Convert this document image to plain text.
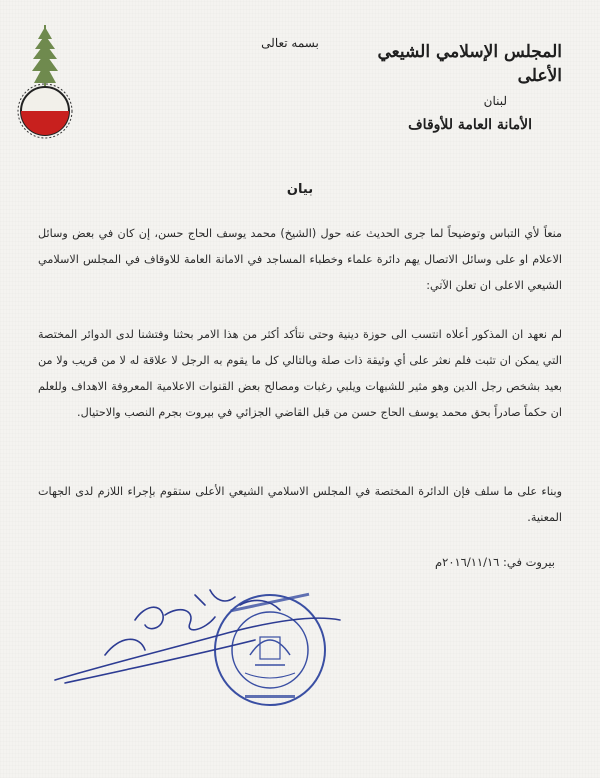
بسمه تعالى	المجلس الإسلامي الشيعي الأعلى
لبنان
الأمانة العامة للأوقاف
بيان
منعاً لأي التباس وتوضيحاً لما جرى الحديث عنه حول (الشيخ) محمد يوسف الحاج حسن، إن كان في بعض وسائل الاعلام او على وسائل الاتصال يهم دائرة علماء وخطباء المساجد في الامانة العامة للاوقاف في المجلس الاسلامي الشيعي الاعلى ان تعلن الآتي:
لم نعهد ان المذكور أعلاه انتسب الى حوزة دينية وحتى نتأكد أكثر من هذا الامر بحثنا وفتشنا لدى الدوائر المختصة التي يمكن ان تثبت فلم نعثر على أي وثيقة ذات صلة وبالتالي كل ما يقوم به الرجل لا علاقة له لا من قريب ولا من بعيد بشخص رجل الدين وهو مثير للشبهات ويلبي رغبات ومصالح بعض القنوات الاعلامية المعروفة الاهداف وللعلم ان حكماً صادراً بحق محمد يوسف الحاج حسن من قبل القاضي الجزائي في بيروت بجرم النصب والاحتيال.
وبناء على ما سلف فإن الدائرة المختصة في المجلس الاسلامي الشيعي الأعلى ستقوم بإجراء اللازم لدى الجهات المعنية.
بيروت في: ٢٠١٦/١١/١٦م
